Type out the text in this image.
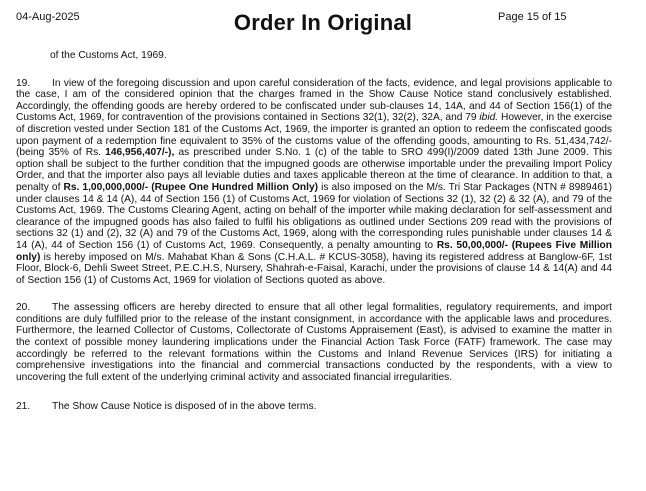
04-Aug-2025	Order In Original	Page 15 of 15

of the Customs Act, 1969.

19. In view of the foregoing discussion and upon careful consideration of the facts, evidence, and legal provisions applicable to the case, I am of the considered opinion that the charges framed in the Show Cause Notice stand conclusively established. Accordingly, the offending goods are hereby ordered to be confiscated under sub-clauses 14, 14A, and 44 of Section 156(1) of the Customs Act, 1969, for contravention of the provisions contained in Sections 32(1), 32(2), 32A, and 79 ibid. However, in the exercise of discretion vested under Section 181 of the Customs Act, 1969, the importer is granted an option to redeem the confiscated goods upon payment of a redemption fine equivalent to 35% of the customs value of the offending goods, amounting to Rs. 51,434,742/- (being 35% of Rs. 146,956,407/-), as prescribed under S.No. 1 (c) of the table to SRO 499(I)/2009 dated 13th June 2009. This option shall be subject to the further condition that the impugned goods are otherwise importable under the prevailing Import Policy Order, and that the importer also pays all leviable duties and taxes applicable thereon at the time of clearance. In addition to that, a penalty of Rs. 1,00,000,000/- (Rupee One Hundred Million Only) is also imposed on the M/s. Tri Star Packages (NTN # 8989461) under clauses 14 & 14 (A), 44 of Section 156 (1) of Customs Act, 1969 for violation of Sections 32 (1), 32 (2) & 32 (A), and 79 of the Customs Act, 1969. The Customs Clearing Agent, acting on behalf of the importer while making declaration for self-assessment and clearance of the impugned goods has also failed to fulfil his obligations as outlined under Sections 209 read with the provisions of sections 32 (1) and (2), 32 (A) and 79 of the Customs Act, 1969, along with the corresponding rules punishable under clauses 14 & 14 (A), 44 of Section 156 (1) of Customs Act, 1969. Consequently, a penalty amounting to Rs. 50,00,000/- (Rupees Five Million only) is hereby imposed on M/s. Mahabat Khan & Sons (C.H.A.L. # KCUS-3058), having its registered address at Banglow-6F, 1st Floor, Block-6, Dehli Sweet Street, P.E.C.H.S, Nursery, Shahrah-e-Faisal, Karachi, under the provisions of clause 14 & 14(A) and 44 of Section 156 (1) of Customs Act, 1969 for violation of Sections quoted as above.

20. The assessing officers are hereby directed to ensure that all other legal formalities, regulatory requirements, and import conditions are duly fulfilled prior to the release of the instant consignment, in accordance with the applicable laws and procedures. Furthermore, the learned Collector of Customs, Collectorate of Customs Appraisement (East), is advised to examine the matter in the context of possible money laundering implications under the Financial Action Task Force (FATF) framework. The case may accordingly be referred to the relevant formations within the Customs and Inland Revenue Services (IRS) for initiating a comprehensive investigations into the financial and commercial transactions conducted by the respondents, with a view to uncovering the full extent of the underlying criminal activity and associated financial irregularities.

21. The Show Cause Notice is disposed of in the above terms.
